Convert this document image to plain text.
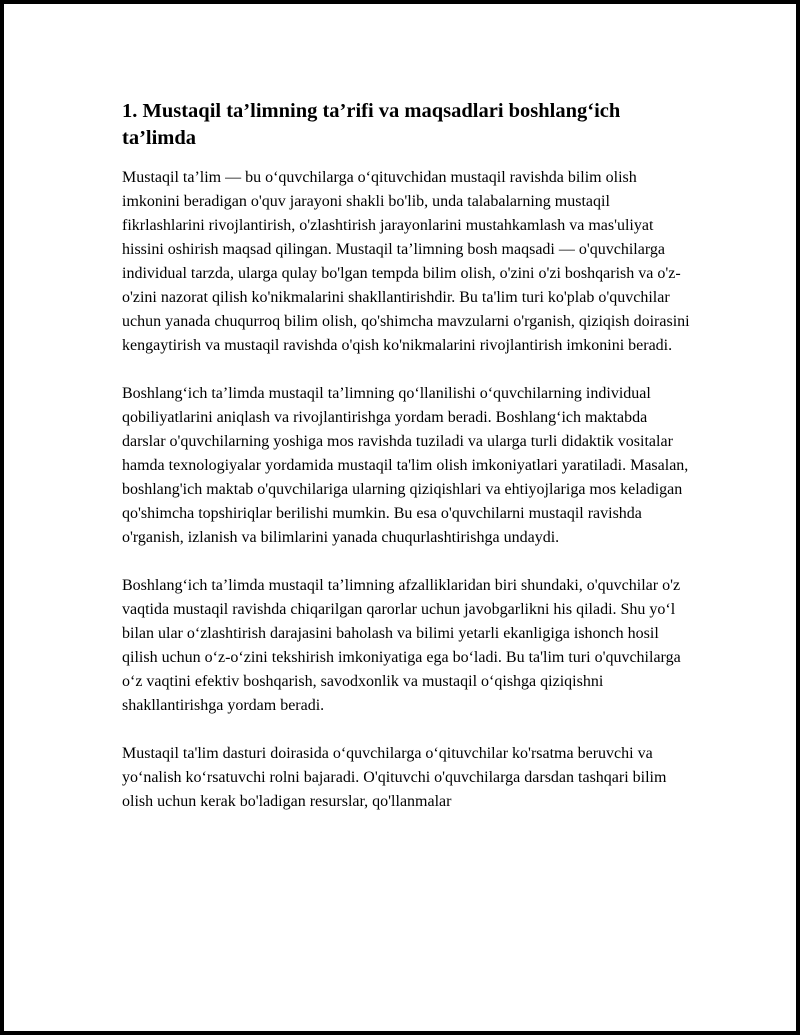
1. Mustaqil ta’limning ta’rifi va maqsadlari boshlang‘ich ta’limda

Mustaqil ta’lim — bu o‘quvchilarga o‘qituvchidan mustaqil ravishda bilim olish imkonini beradigan o'quv jarayoni shakli bo'lib, unda talabalarning mustaqil fikrlashlarini rivojlantirish, o'zlashtirish jarayonlarini mustahkamlash va mas'uliyat hissini oshirish maqsad qilingan. Mustaqil ta’limning bosh maqsadi — o'quvchilarga individual tarzda, ularga qulay bo'lgan tempda bilim olish, o'zini o'zi boshqarish va o'z-o'zini nazorat qilish ko'nikmalarini shakllantirishdir. Bu ta'lim turi ko'plab o'quvchilar uchun yanada chuqurroq bilim olish, qo'shimcha mavzularni o'rganish, qiziqish doirasini kengaytirish va mustaqil ravishda o'qish ko'nikmalarini rivojlantirish imkonini beradi.

Boshlang‘ich ta’limda mustaqil ta’limning qo‘llanilishi o‘quvchilarning individual qobiliyatlarini aniqlash va rivojlantirishga yordam beradi. Boshlang‘ich maktabda darslar o'quvchilarning yoshiga mos ravishda tuziladi va ularga turli didaktik vositalar hamda texnologiyalar yordamida mustaqil ta'lim olish imkoniyatlari yaratiladi. Masalan, boshlang'ich maktab o'quvchilariga ularning qiziqishlari va ehtiyojlariga mos keladigan qo'shimcha topshiriqlar berilishi mumkin. Bu esa o'quvchilarni mustaqil ravishda o'rganish, izlanish va bilimlarini yanada chuqurlashtirishga undaydi.

Boshlang‘ich ta’limda mustaqil ta’limning afzalliklaridan biri shundaki, o'quvchilar o'z vaqtida mustaqil ravishda chiqarilgan qarorlar uchun javobgarlikni his qiladi. Shu yo‘l bilan ular o‘zlashtirish darajasini baholash va bilimi yetarli ekanligiga ishonch hosil qilish uchun o‘z-o‘zini tekshirish imkoniyatiga ega bo‘ladi. Bu ta'lim turi o'quvchilarga o‘z vaqtini efektiv boshqarish, savodxonlik va mustaqil o‘qishga qiziqishni shakllantirishga yordam beradi.

Mustaqil ta'lim dasturi doirasida o‘quvchilarga o‘qituvchilar ko'rsatma beruvchi va yo‘nalish ko‘rsatuvchi rolni bajaradi. O'qituvchi o'quvchilarga darsdan tashqari bilim olish uchun kerak bo'ladigan resurslar, qo'llanmalar
